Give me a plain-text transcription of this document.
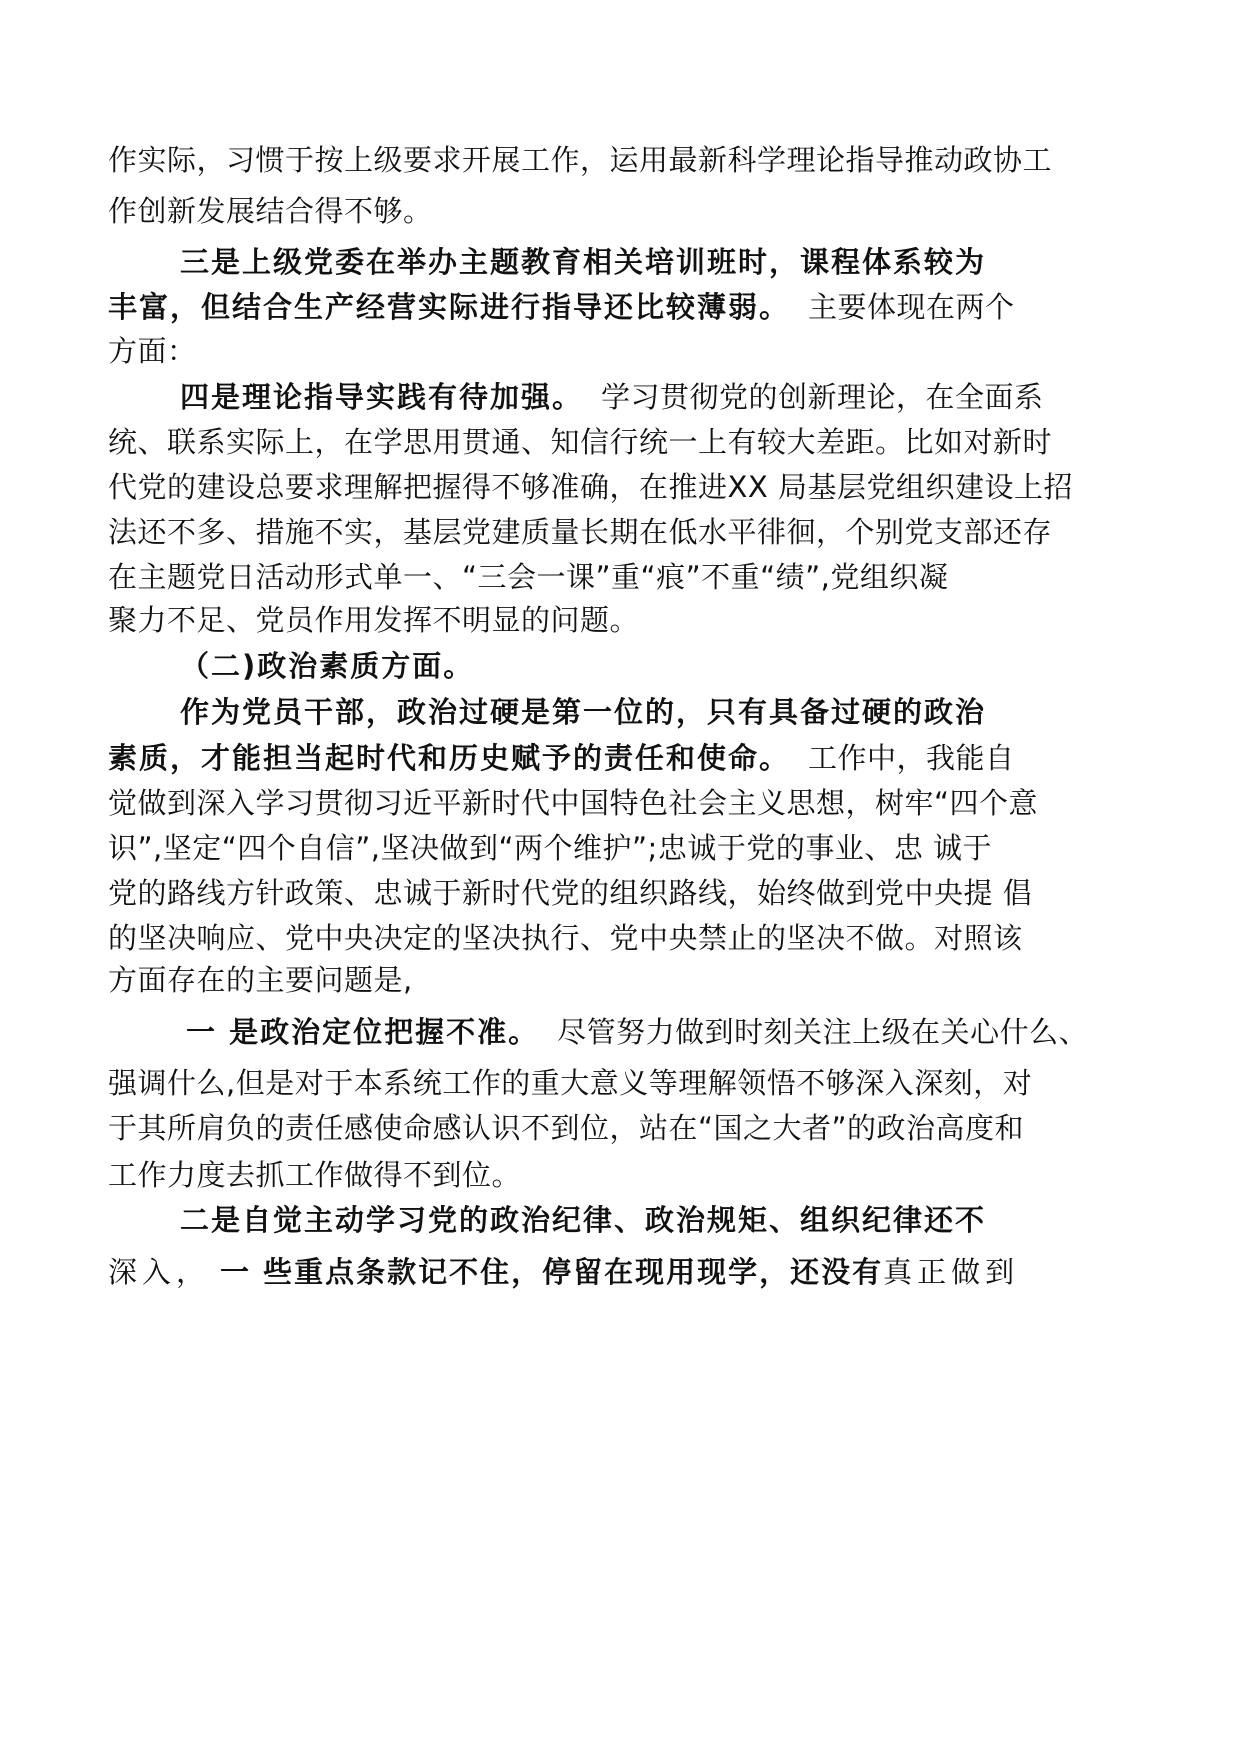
作实际，习惯于按上级要求开展工作，运用最新科学理论指导推动政协工
作创新发展结合得不够。
三是上级党委在举办主题教育相关培训班时，课程体系较为
丰富，但结合生产经营实际进行指导还比较薄弱。 主要体现在两个
方面：
四是理论指导实践有待加强。 学习贯彻党的创新理论，在全面系
统、联系实际上，在学思用贯通、知信行统一上有较大差距。比如对新时
代党的建设总要求理解把握得不够准确，在推进XX 局基层党组织建设上招
法还不多、措施不实，基层党建质量长期在低水平徘徊，个别党支部还存
在主题党日活动形式单一、“三会一课”重“痕”不重“绩”,党组织凝
聚力不足、党员作用发挥不明显的问题。
（二)政治素质方面。
作为党员干部，政治过硬是第一位的，只有具备过硬的政治
素质，才能担当起时代和历史赋予的责任和使命。 工作中，我能自
觉做到深入学习贯彻习近平新时代中国特色社会主义思想，树牢“四个意
识”,坚定“四个自信”,坚决做到“两个维护”;忠诚于党的事业、忠 诚于
党的路线方针政策、忠诚于新时代党的组织路线，始终做到党中央提 倡
的坚决响应、党中央决定的坚决执行、党中央禁止的坚决不做。对照该
方面存在的主要问题是,
一 是政治定位把握不准。 尽管努力做到时刻关注上级在关心什么、
强调什么,但是对于本系统工作的重大意义等理解领悟不够深入深刻，对
于其所肩负的责任感使命感认识不到位，站在“国之大者”的政治高度和
工作力度去抓工作做得不到位。
二是自觉主动学习党的政治纪律、政治规矩、组织纪律还不
深入， 一 些重点条款记不住，停留在现用现学，还没有真正做到
